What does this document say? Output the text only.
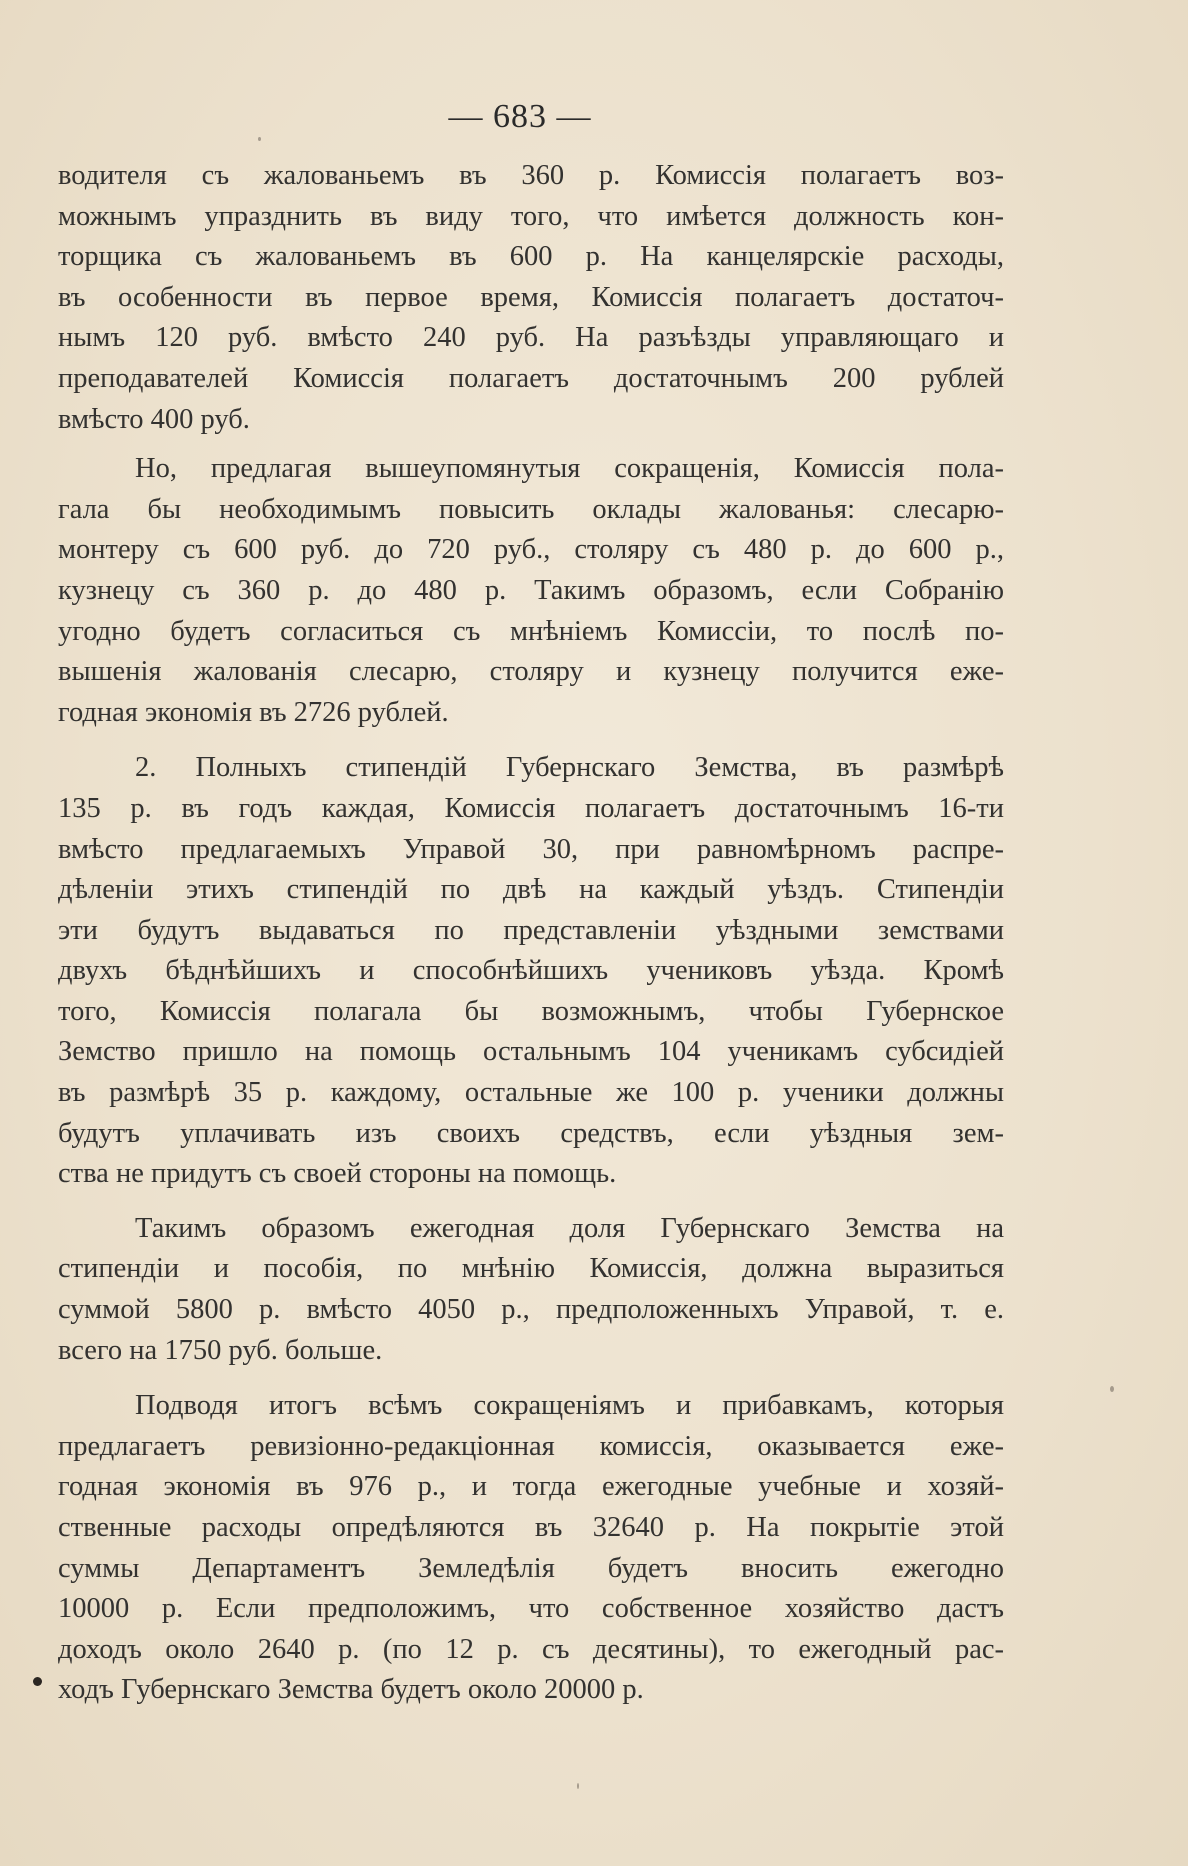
— 683 —
водителя съ жалованьемъ въ 360 р. Комиссія полагаетъ воз-
можнымъ упразднить въ виду того, что имѣется должность кон-
торщика съ жалованьемъ въ 600 р. На канцелярскіе расходы,
въ особенности въ первое время, Комиссія полагаетъ достаточ-
нымъ 120 руб. вмѣсто 240 руб. На разъѣзды управляющаго и
преподавателей Комиссія полагаетъ достаточнымъ 200 рублей
вмѣсто 400 руб.
Но, предлагая вышеупомянутыя сокращенія, Комиссія пола-
гала бы необходимымъ повысить оклады жалованья: слесарю-
монтеру съ 600 руб. до 720 руб., столяру съ 480 р. до 600 р.,
кузнецу съ 360 р. до 480 р. Такимъ образомъ, если Собранію
угодно будетъ согласиться съ мнѣніемъ Комиссіи, то послѣ по-
вышенія жалованія слесарю, столяру и кузнецу получится еже-
годная экономія въ 2726 рублей.
2. Полныхъ стипендій Губернскаго Земства, въ размѣрѣ
135 р. въ годъ каждая, Комиссія полагаетъ достаточнымъ 16-ти
вмѣсто предлагаемыхъ Управой 30, при равномѣрномъ распре-
дѣленіи этихъ стипендій по двѣ на каждый уѣздъ. Стипендіи
эти будутъ выдаваться по представленіи уѣздными земствами
двухъ бѣднѣйшихъ и способнѣйшихъ учениковъ уѣзда. Кромѣ
того, Комиссія полагала бы возможнымъ, чтобы Губернское
Земство пришло на помощь остальнымъ 104 ученикамъ субсидіей
въ размѣрѣ 35 р. каждому, остальные же 100 р. ученики должны
будутъ уплачивать изъ своихъ средствъ, если уѣздныя зем-
ства не придутъ съ своей стороны на помощь.
Такимъ образомъ ежегодная доля Губернскаго Земства на
стипендіи и пособія, по мнѣнію Комиссія, должна выразиться
суммой 5800 р. вмѣсто 4050 р., предположенныхъ Управой, т. е.
всего на 1750 руб. больше.
Подводя итогъ всѣмъ сокращеніямъ и прибавкамъ, которыя
предлагаетъ ревизіонно-редакціонная комиссія, оказывается еже-
годная экономія въ 976 р., и тогда ежегодные учебные и хозяй-
ственные расходы опредѣляются въ 32640 р. На покрытіе этой
суммы Департаментъ Земледѣлія будетъ вносить ежегодно
10000 р. Если предположимъ, что собственное хозяйство дастъ
доходъ около 2640 р. (по 12 р. съ десятины), то ежегодный рас-
ходъ Губернскаго Земства будетъ около 20000 р.
